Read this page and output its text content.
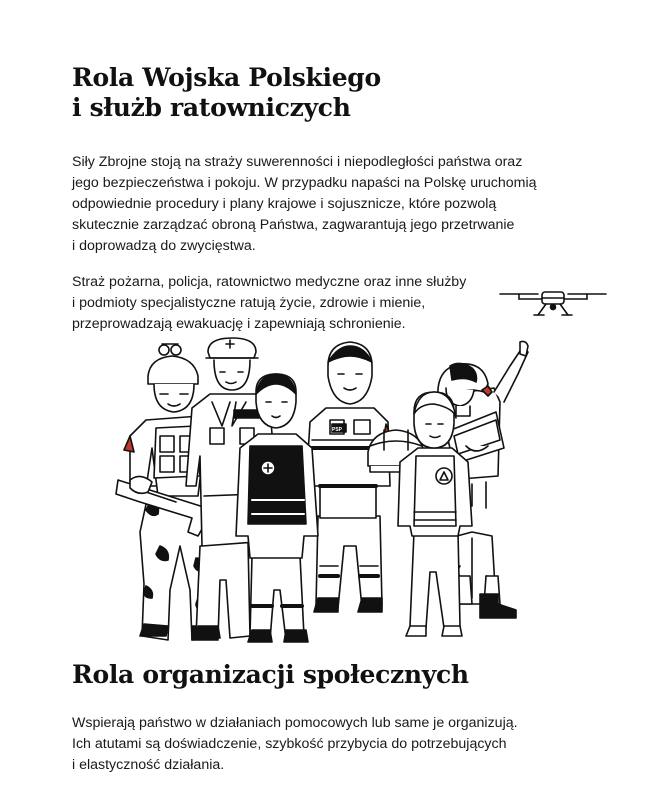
Rola Wojska Polskiego
i służb ratowniczych

Siły Zbrojne stoją na straży suwerenności i niepodległości państwa oraz
jego bezpieczeństwa i pokoju. W przypadku napaści na Polskę uruchomią
odpowiednie procedury i plany krajowe i sojusznicze, które pozwolą
skutecznie zarządzać obroną Państwa, zagwarantują jego przetrwanie
i doprowadzą do zwycięstwa.

Straż pożarna, policja, ratownictwo medyczne oraz inne służby
i podmioty specjalistyczne ratują życie, zdrowie i mienie,
przeprowadzają ewakuację i zapewniają schronienie.

POLICJA
PSP
Rola organizacji społecznych

Wspierają państwo w działaniach pomocowych lub same je organizują.
Ich atutami są doświadczenie, szybkość przybycia do potrzebujących
i elastyczność działania.
